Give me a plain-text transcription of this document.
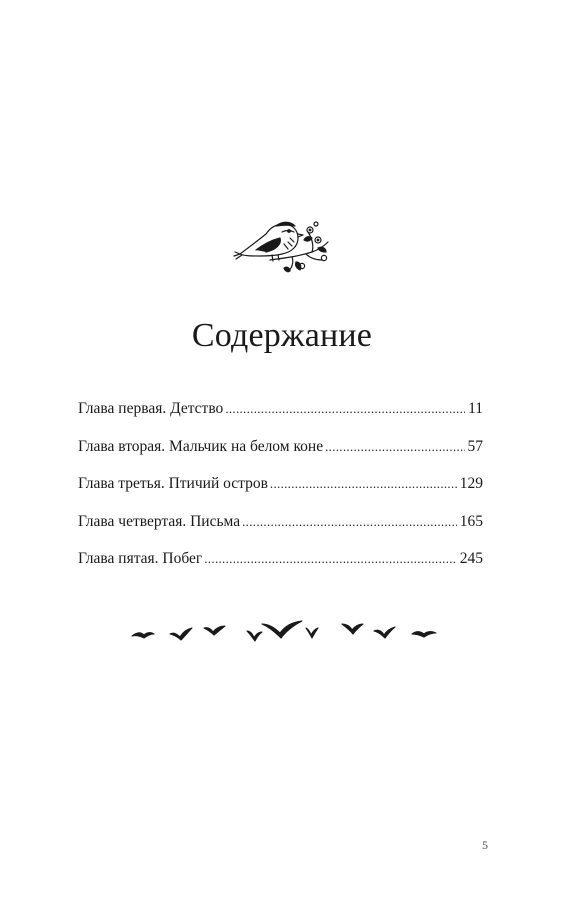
Содержание
Глава первая. Детство .....	11
Глава вторая. Мальчик на белом коне .....	57
Глава третья. Птичий остров .....	129
Глава четвертая. Письма .....	165
Глава пятая. Побег .....	245
5
